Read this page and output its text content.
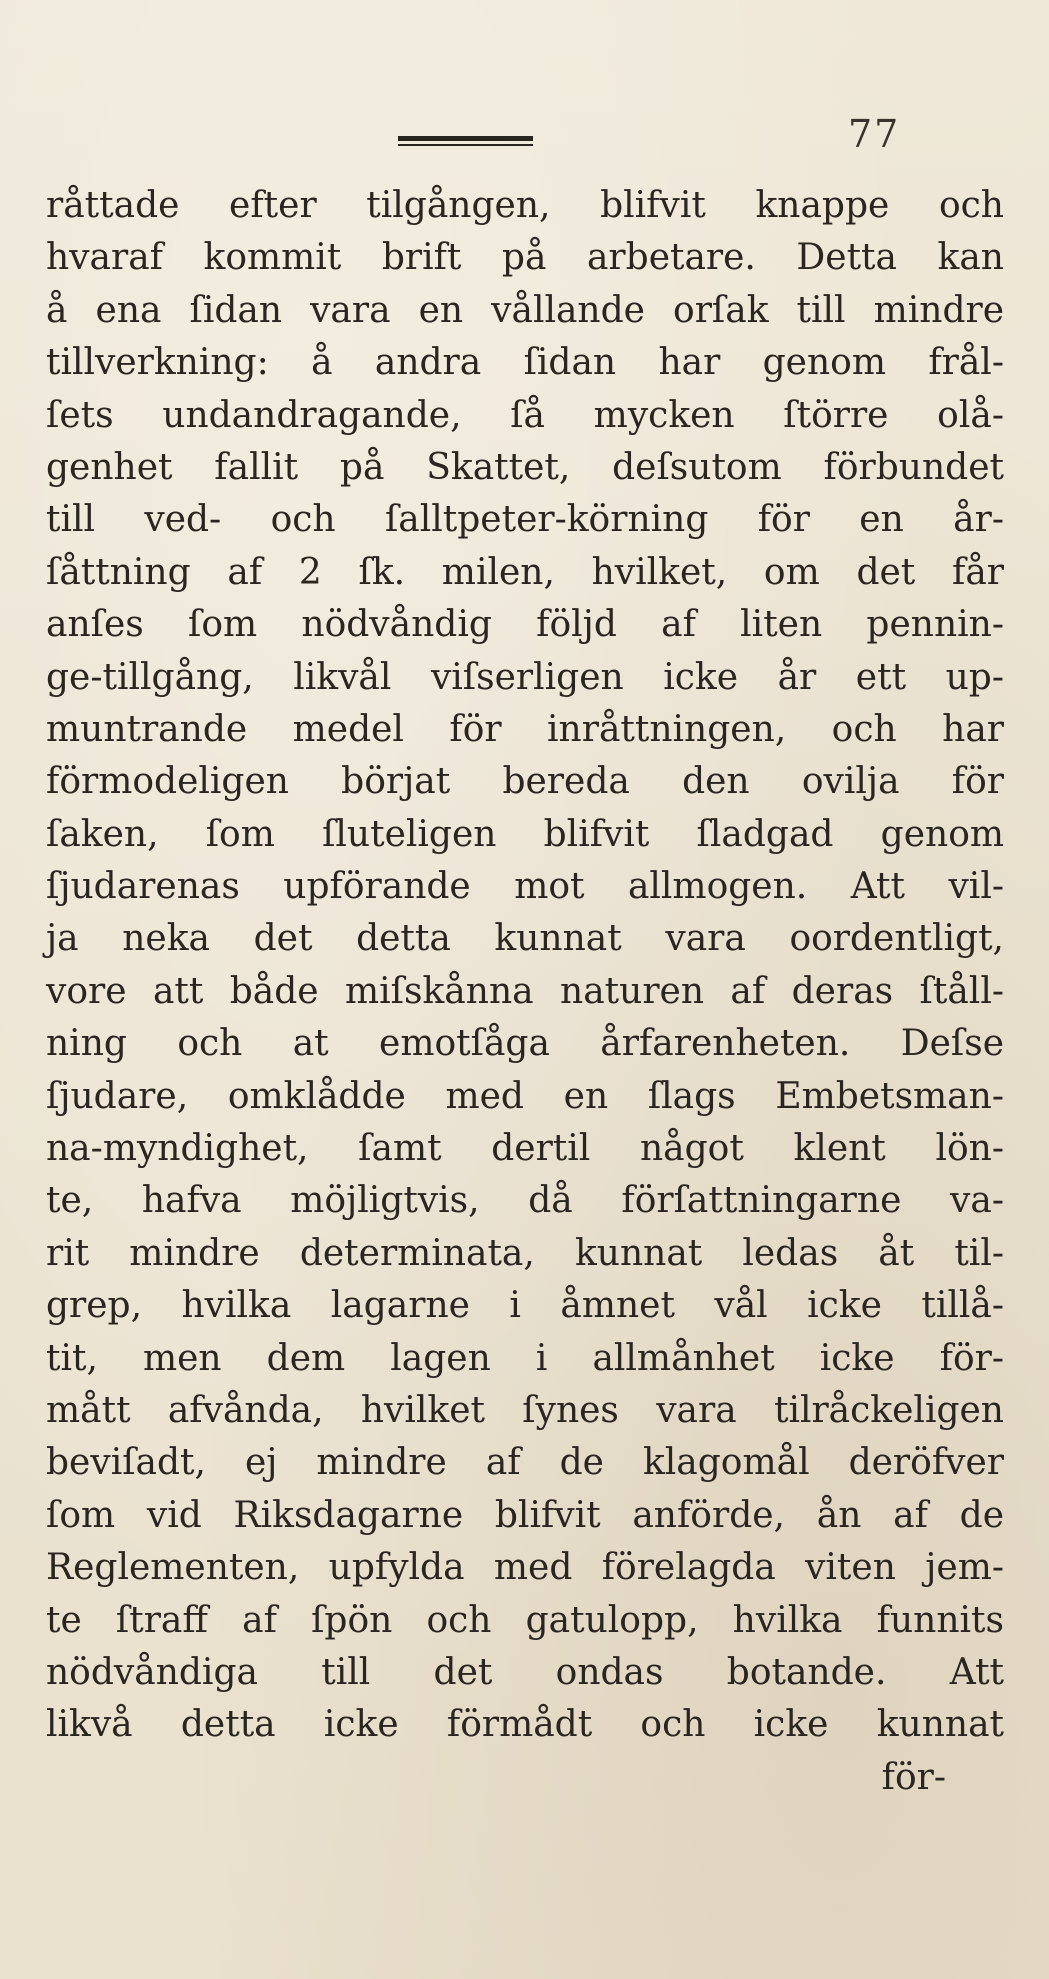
77
råttade efter tilgången, blifvit knappe och
hvaraf kommit brift på arbetare. Detta kan
å ena ſidan vara en vållande orſak till mindre
tillverkning: å andra ſidan har genom frål-
ſets undandragande, ſå mycken ſtörre olå-
genhet fallit på Skattet, deſsutom förbundet
till ved- och ſalltpeter-körning för en år-
ſåttning af 2 ſk. milen, hvilket, om det får
anſes ſom nödvåndig följd af liten pennin-
ge-tillgång, likvål viſserligen icke år ett up-
muntrande medel för inråttningen, och har
förmodeligen börjat bereda den ovilja för
ſaken, ſom ſluteligen blifvit ſladgad genom
ſjudarenas upförande mot allmogen. Att vil-
ja neka det detta kunnat vara oordentligt,
vore att både miſskånna naturen af deras ſtåll-
ning och at emotſåga årfarenheten. Deſse
ſjudare, omklådde med en ſlags Embetsman-
na-myndighet, ſamt dertil något klent lön-
te, hafva möjligtvis, då förſattningarne va-
rit mindre determinata, kunnat ledas åt til-
grep, hvilka lagarne i åmnet vål icke tillå-
tit, men dem lagen i allmånhet icke för-
mått afvånda, hvilket ſynes vara tilråckeligen
beviſadt, ej mindre af de klagomål deröfver
ſom vid Riksdagarne blifvit anförde, ån af de
Reglementen, upfylda med förelagda viten jem-
te ſtraff af ſpön och gatulopp, hvilka funnits
nödvåndiga till det ondas botande. Att
likvå detta icke förmådt och icke kunnat
för-
